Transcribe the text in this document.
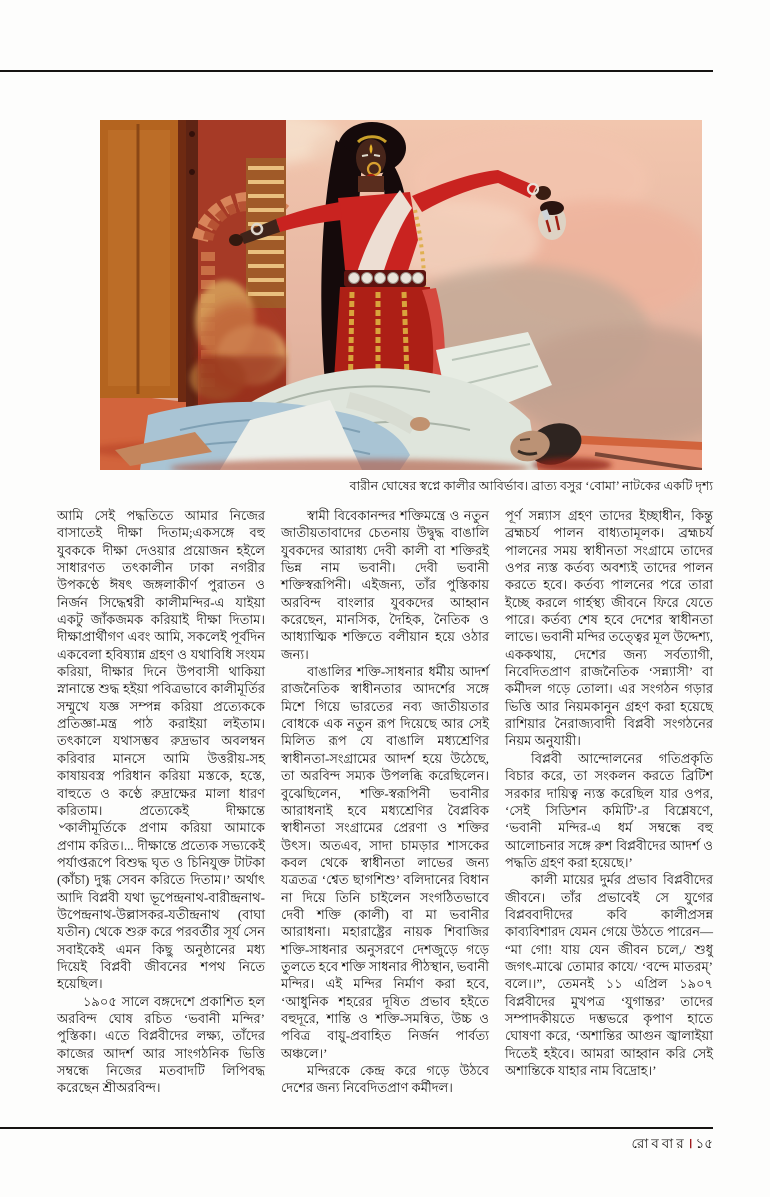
বারীন ঘোষের স্বপ্নে কালীর আবির্ভাব। ব্রাত্য বসুর ‘বোমা’ নাটকের একটি দৃশ্য

আমি সেই পদ্ধতিতে আমার নিজের বাসাতেই দীক্ষা দিতাম;একসঙ্গে বহু যুবককে দীক্ষা দেওয়ার প্রয়োজন হইলে সাধারণত তৎকালীন ঢাকা নগরীর উপকণ্ঠে ঈষৎ জঙ্গলাকীর্ণ পুরাতন ও নির্জন সিদ্ধেশ্বরী কালীমন্দির-এ যাইয়া একটু জাঁকজমক করিয়াই দীক্ষা দিতাম। দীক্ষাপ্রার্থীগণ এবং আমি, সকলেই পূর্বদিন একবেলা হবিষ্যান্ন গ্রহণ ও যথাবিধি সংযম করিয়া, দীক্ষার দিনে উপবাসী থাকিয়া স্নানান্তে শুদ্ধ হইয়া পবিত্রভাবে কালীমূর্তির সম্মুখে যজ্ঞ সম্পন্ন করিয়া প্রত্যেককে প্রতিজ্ঞা-মন্ত্র পাঠ করাইয়া লইতাম। তৎকালে যথাসম্ভব রুদ্রভাব অবলম্বন করিবার মানসে আমি উত্তরীয়-সহ কাষায়বস্ত্র পরিধান করিয়া মস্তকে, হস্তে, বাহুতে ও কণ্ঠে রুদ্রাক্ষের মালা ধারণ করিতাম। প্রত্যেকেই দীক্ষান্তে ৺কালীমূর্তিকে প্রণাম করিয়া আমাকে প্রণাম করিত।... দীক্ষান্তে প্রত্যেক সভ্যকেই পর্যাপ্তরূপে বিশুদ্ধ ঘৃত ও চিনিযুক্ত টাটকা (কাঁচা) দুগ্ধ সেবন করিতে দিতাম।’ অর্থাৎ আদি বিপ্লবী যথা ভূপেন্দ্রনাথ-বারীন্দ্রনাথ-উপেন্দ্রনাথ-উল্লাসকর-যতীন্দ্রনাথ (বাঘা যতীন) থেকে শুরু করে পরবর্তীর সূর্য সেন সবাইকেই এমন কিছু অনুষ্ঠানের মধ্য দিয়েই বিপ্লবী জীবনের শপথ নিতে হয়েছিল।

১৯০৫ সালে বঙ্গদেশে প্রকাশিত হল অরবিন্দ ঘোষ রচিত ‘ভবানী মন্দির’ পুস্তিকা। এতে বিপ্লবীদের লক্ষ্য, তাঁদের কাজের আদর্শ আর সাংগঠনিক ভিত্তি সম্বন্ধে নিজের মতবাদটি লিপিবদ্ধ করেছেন শ্রীঅরবিন্দ।

স্বামী বিবেকানন্দর শক্তিমন্ত্রে ও নতুন জাতীয়তাবাদের চেতনায় উদ্বুদ্ধ বাঙালি যুবকদের আরাধ্য দেবী কালী বা শক্তিরই ভিন্ন নাম ভবানী। দেবী ভবানী শক্তিস্বরূপিনী। এইজন্য, তাঁর পুস্তিকায় অরবিন্দ বাংলার যুবকদের আহ্বান করেছেন, মানসিক, দৈহিক, নৈতিক ও আধ্যাত্মিক শক্তিতে বলীয়ান হয়ে ওঠার জন্য।

বাঙালির শক্তি-সাধনার ধর্মীয় আদর্শ রাজনৈতিক স্বাধীনতার আদর্শের সঙ্গে মিশে গিয়ে ভারতের নব্য জাতীয়তার বোধকে এক নতুন রূপ দিয়েছে আর সেই মিলিত রূপ যে বাঙালি মধ্যশ্রেণির স্বাধীনতা-সংগ্রামের আদর্শ হয়ে উঠেছে, তা অরবিন্দ সম্যক উপলব্ধি করেছিলেন। বুঝেছিলেন, শক্তি-স্বরূপিনী ভবানীর আরাধনাই হবে মধ্যশ্রেণির বৈপ্লবিক স্বাধীনতা সংগ্রামের প্রেরণা ও শক্তির উৎস। অতএব, সাদা চামড়ার শাসকের কবল থেকে স্বাধীনতা লাভের জন্য যত্রতত্র ‘শ্বেত ছাগশিশু’ বলিদানের বিধান না দিয়ে তিনি চাইলেন সংগঠিতভাবে দেবী শক্তি (কালী) বা মা ভবানীর আরাধনা। মহারাষ্ট্রের নায়ক শিবাজির শক্তি-সাধনার অনুসরণে দেশজুড়ে গড়ে তুলতে হবে শক্তি সাধনার পীঠস্থান, ভবানী মন্দির। এই মন্দির নির্মাণ করা হবে, ‘আধুনিক শহরের দূষিত প্রভাব হইতে বহুদূরে, শান্তি ও শক্তি-সমন্বিত, উচ্চ ও পবিত্র বায়ু-প্রবাহিত নির্জন পার্বত্য অঞ্চলে।’

মন্দিরকে কেন্দ্র করে গড়ে উঠবে দেশের জন্য নিবেদিতপ্রাণ কর্মীদল।

পূর্ণ সন্ন্যাস গ্রহণ তাদের ইচ্ছাধীন, কিন্তু ব্রহ্মচর্য পালন বাধ্যতামূলক। ব্রহ্মচর্য পালনের সময় স্বাধীনতা সংগ্রামে তাদের ওপর ন্যস্ত কর্তব্য অবশ্যই তাদের পালন করতে হবে। কর্তব্য পালনের পরে তারা ইচ্ছে করলে গার্হস্থ্য জীবনে ফিরে যেতে পারে। কর্তব্য শেষ হবে দেশের স্বাধীনতা লাভে। ভবানী মন্দির তত্ত্বের মূল উদ্দেশ্য, এককথায়, দেশের জন্য সর্বত্যাগী, নিবেদিতপ্রাণ রাজনৈতিক ‘সন্ন্যাসী’ বা কর্মীদল গড়ে তোলা। এর সংগঠন গড়ার ভিত্তি আর নিয়মকানুন গ্রহণ করা হয়েছে রাশিয়ার নৈরাজ্যবাদী বিপ্লবী সংগঠনের নিয়ম অনুযায়ী।

বিপ্লবী আন্দোলনের গতিপ্রকৃতি বিচার করে, তা সংকলন করতে ব্রিটিশ সরকার দায়িত্ব ন্যস্ত করেছিল যার ওপর, ‘সেই সিডিশন কমিটি’-র বিশ্লেষণে, ‘ভবানী মন্দির-এ ধর্ম সম্বন্ধে বহু আলোচনার সঙ্গে রুশ বিপ্লবীদের আদর্শ ও পদ্ধতি গ্রহণ করা হয়েছে।’

কালী মায়ের দুর্মর প্রভাব বিপ্লবীদের জীবনে। তাঁর প্রভাবেই সে যুগের বিপ্লববাদীদের কবি কালীপ্রসন্ন কাব্যবিশারদ যেমন গেয়ে উঠতে পারেন— “মা গো! যায় যেন জীবন চলে,/ শুধু জগৎ-মাঝে তোমার কাযে/ ‘বন্দে মাতরম্‌’ বলে।।”, তেমনই ১১ এপ্রিল ১৯০৭ বিপ্লবীদের মুখপত্র ‘যুগান্তর’ তাদের সম্পাদকীয়তে দম্ভভরে কৃপাণ হাতে ঘোষণা করে, ‘অশান্তির আগুন জ্বালাইয়া দিতেই হইবে। আমরা আহ্বান করি সেই অশান্তিকে যাহার নাম বিদ্রোহ।’

রোববার। ১৫
